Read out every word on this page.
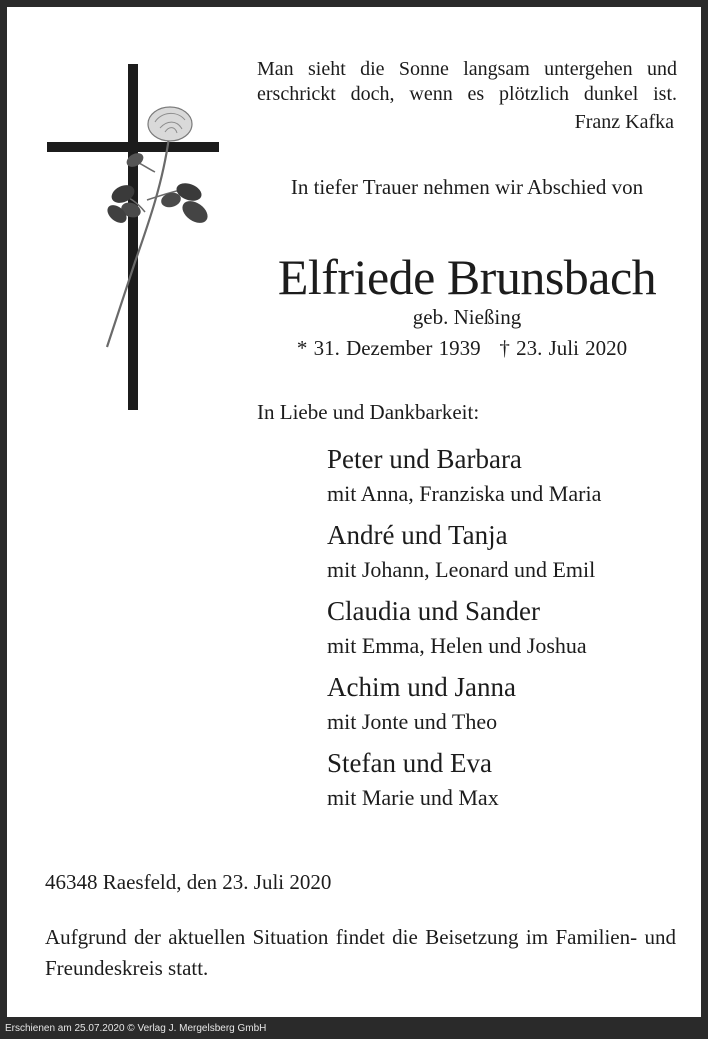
Man sieht die Sonne langsam untergehen und erschrickt doch, wenn es plötzlich dunkel ist.

Franz Kafka

In tiefer Trauer nehmen wir Abschied von

Elfriede Brunsbach

geb. Nießing

* 31. Dezember 1939   † 23. Juli 2020

In Liebe und Dankbarkeit:

Peter und Barbara
mit Anna, Franziska und Maria
André und Tanja
mit Johann, Leonard und Emil
Claudia und Sander
mit Emma, Helen und Joshua
Achim und Janna
mit Jonte und Theo
Stefan und Eva
mit Marie und Max

46348 Raesfeld, den 23. Juli 2020

Aufgrund der aktuellen Situation findet die Beisetzung im Familien- und Freundeskreis statt.

Erschienen am 25.07.2020 © Verlag J. Mergelsberg GmbH
